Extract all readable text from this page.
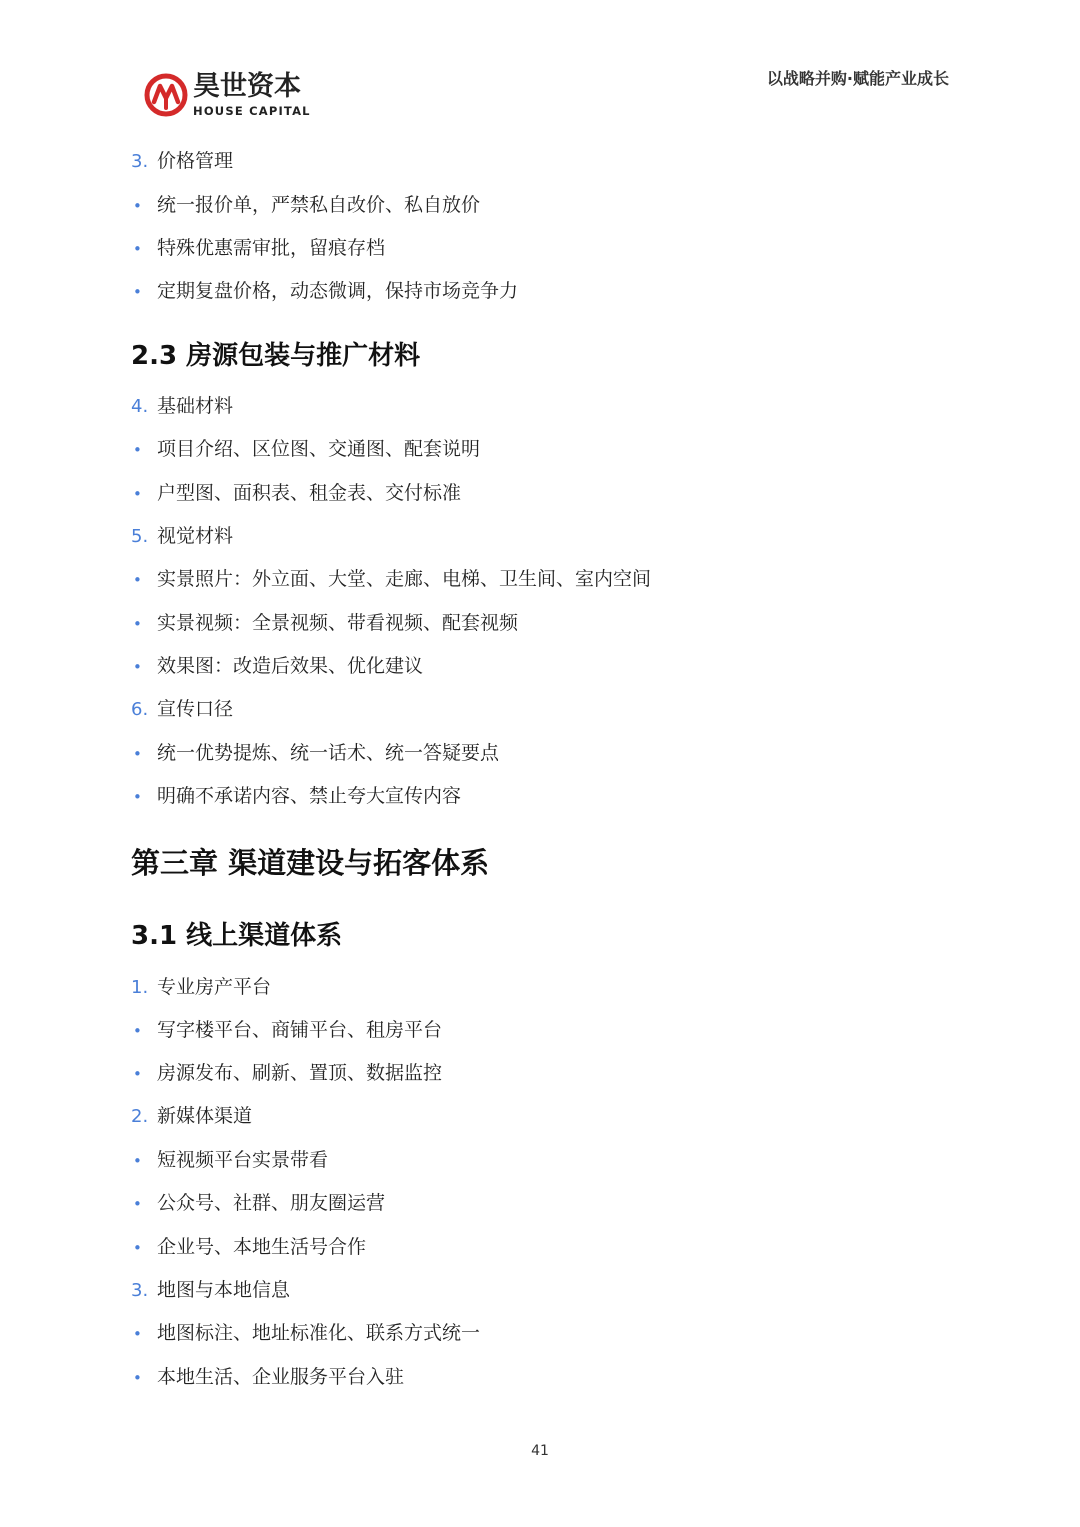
昊世资本
HOUSE CAPITAL
以战略并购·赋能产业成长
3. 价格管理
• 统一报价单，严禁私自改价、私自放价
• 特殊优惠需审批，留痕存档
• 定期复盘价格，动态微调，保持市场竞争力
2.3 房源包装与推广材料
4. 基础材料
• 项目介绍、区位图、交通图、配套说明
• 户型图、面积表、租金表、交付标准
5. 视觉材料
• 实景照片：外立面、大堂、走廊、电梯、卫生间、室内空间
• 实景视频：全景视频、带看视频、配套视频
• 效果图：改造后效果、优化建议
6. 宣传口径
• 统一优势提炼、统一话术、统一答疑要点
• 明确不承诺内容、禁止夸大宣传内容
第三章 渠道建设与拓客体系
3.1 线上渠道体系
1. 专业房产平台
• 写字楼平台、商铺平台、租房平台
• 房源发布、刷新、置顶、数据监控
2. 新媒体渠道
• 短视频平台实景带看
• 公众号、社群、朋友圈运营
• 企业号、本地生活号合作
3. 地图与本地信息
• 地图标注、地址标准化、联系方式统一
• 本地生活、企业服务平台入驻
41
